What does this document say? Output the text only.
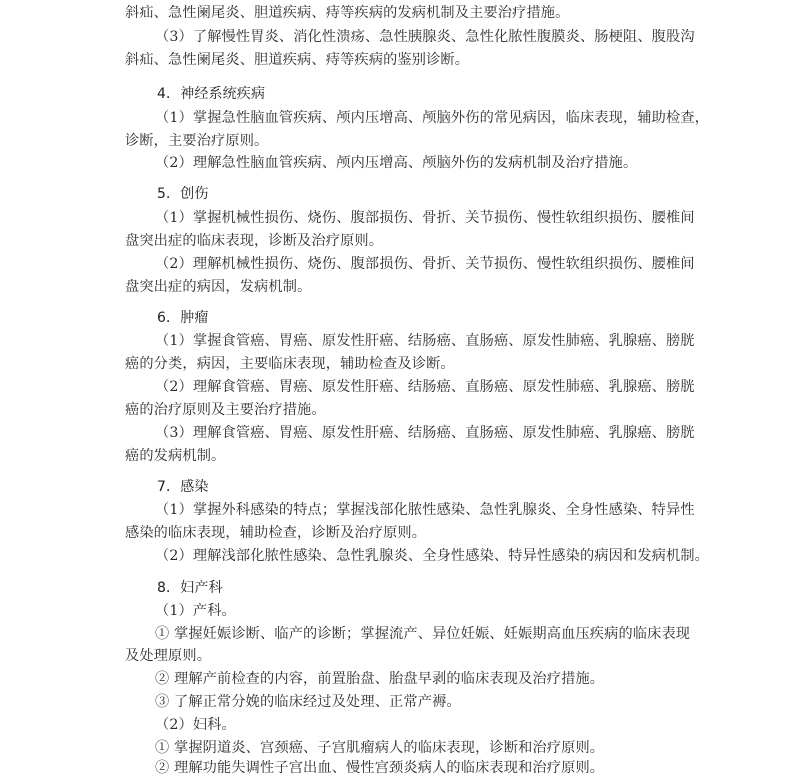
斜疝、急性阑尾炎、胆道疾病、痔等疾病的发病机制及主要治疗措施。

（3）了解慢性胃炎、消化性溃疡、急性胰腺炎、急性化脓性腹膜炎、肠梗阻、腹股沟

斜疝、急性阑尾炎、胆道疾病、痔等疾病的鉴别诊断。

4．神经系统疾病

（1）掌握急性脑血管疾病、颅内压增高、颅脑外伤的常见病因，临床表现，辅助检查，

诊断，主要治疗原则。

（2）理解急性脑血管疾病、颅内压增高、颅脑外伤的发病机制及治疗措施。

5．创伤

（1）掌握机械性损伤、烧伤、腹部损伤、骨折、关节损伤、慢性软组织损伤、腰椎间

盘突出症的临床表现，诊断及治疗原则。

（2）理解机械性损伤、烧伤、腹部损伤、骨折、关节损伤、慢性软组织损伤、腰椎间

盘突出症的病因，发病机制。

6．肿瘤

（1）掌握食管癌、胃癌、原发性肝癌、结肠癌、直肠癌、原发性肺癌、乳腺癌、膀胱

癌的分类，病因，主要临床表现，辅助检查及诊断。

（2）理解食管癌、胃癌、原发性肝癌、结肠癌、直肠癌、原发性肺癌、乳腺癌、膀胱

癌的治疗原则及主要治疗措施。

（3）理解食管癌、胃癌、原发性肝癌、结肠癌、直肠癌、原发性肺癌、乳腺癌、膀胱

癌的发病机制。

7．感染

（1）掌握外科感染的特点；掌握浅部化脓性感染、急性乳腺炎、全身性感染、特异性

感染的临床表现，辅助检查，诊断及治疗原则。

（2）理解浅部化脓性感染、急性乳腺炎、全身性感染、特异性感染的病因和发病机制。

8．妇产科

（1）产科。

① 掌握妊娠诊断、临产的诊断；掌握流产、异位妊娠、妊娠期高血压疾病的临床表现

及处理原则。

② 理解产前检查的内容，前置胎盘、胎盘早剥的临床表现及治疗措施。

③ 了解正常分娩的临床经过及处理、正常产褥。

（2）妇科。

① 掌握阴道炎、宫颈癌、子宫肌瘤病人的临床表现，诊断和治疗原则。

② 理解功能失调性子宫出血、慢性宫颈炎病人的临床表现和治疗原则。
